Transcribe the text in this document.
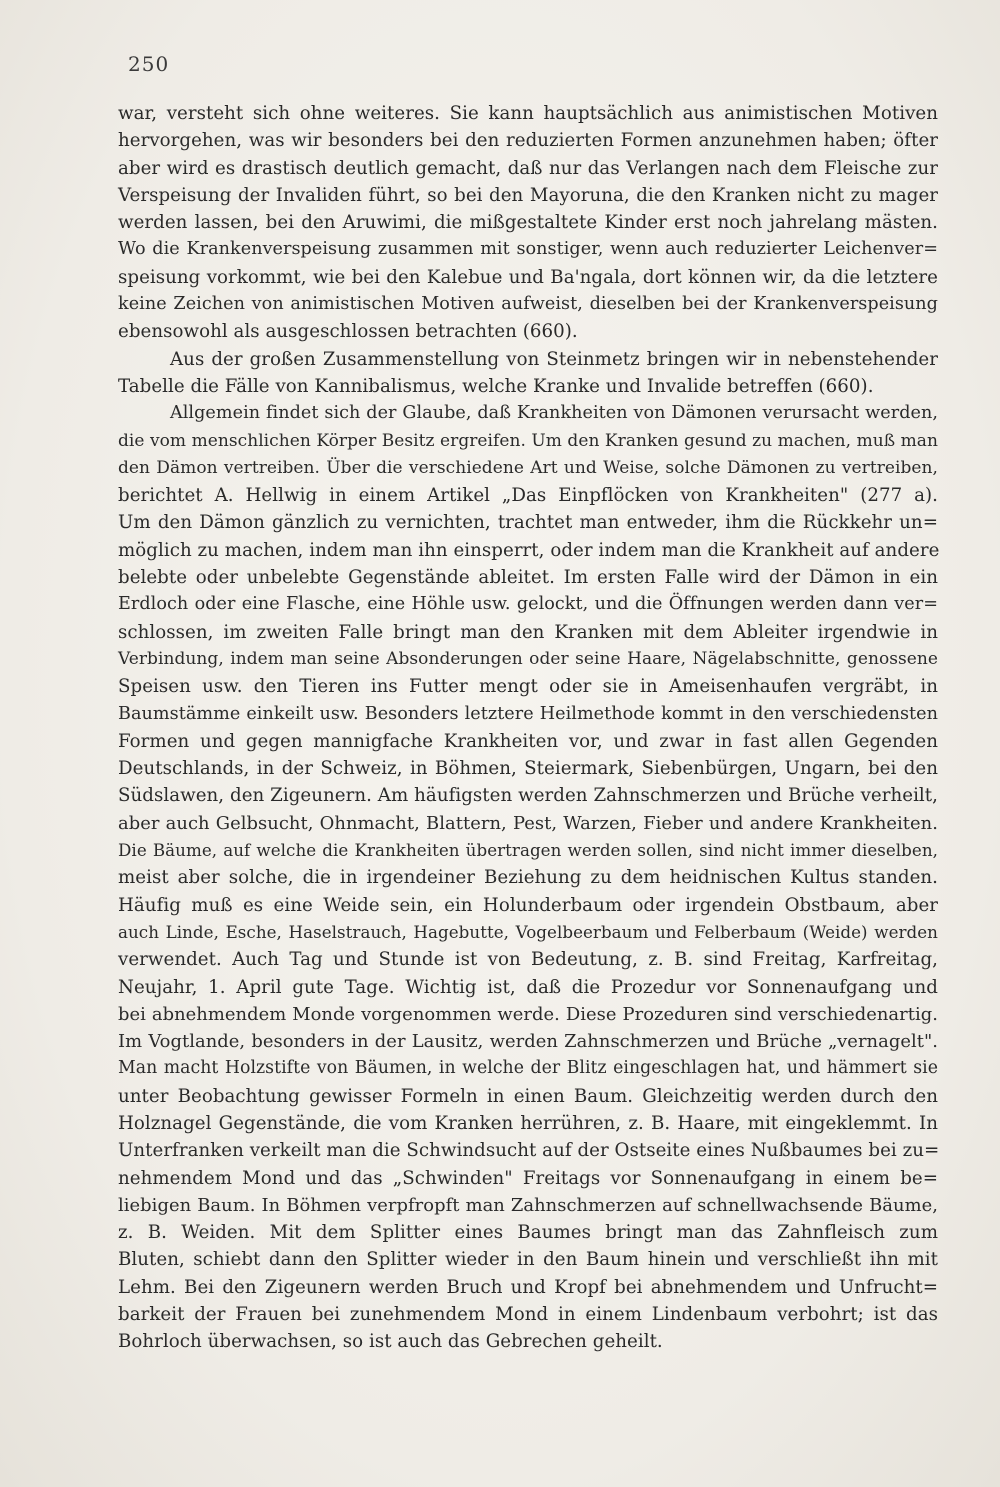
250
war, versteht sich ohne weiteres. Sie kann hauptsächlich aus animistischen Motiven
hervorgehen, was wir besonders bei den reduzierten Formen anzunehmen haben; öfter
aber wird es drastisch deutlich gemacht, daß nur das Verlangen nach dem Fleische zur
Verspeisung der Invaliden führt, so bei den Mayoruna, die den Kranken nicht zu mager
werden lassen, bei den Aruwimi, die mißgestaltete Kinder erst noch jahrelang mästen.
Wo die Krankenverspeisung zusammen mit sonstiger, wenn auch reduzierter Leichenver=
speisung vorkommt, wie bei den Kalebue und Ba'ngala, dort können wir, da die letztere
keine Zeichen von animistischen Motiven aufweist, dieselben bei der Krankenverspeisung
ebensowohl als ausgeschlossen betrachten (660).
Aus der großen Zusammenstellung von Steinmetz bringen wir in nebenstehender
Tabelle die Fälle von Kannibalismus, welche Kranke und Invalide betreffen (660).
Allgemein findet sich der Glaube, daß Krankheiten von Dämonen verursacht werden,
die vom menschlichen Körper Besitz ergreifen. Um den Kranken gesund zu machen, muß man
den Dämon vertreiben. Über die verschiedene Art und Weise, solche Dämonen zu vertreiben,
berichtet A. Hellwig in einem Artikel „Das Einpflöcken von Krankheiten" (277 a).
Um den Dämon gänzlich zu vernichten, trachtet man entweder, ihm die Rückkehr un=
möglich zu machen, indem man ihn einsperrt, oder indem man die Krankheit auf andere
belebte oder unbelebte Gegenstände ableitet. Im ersten Falle wird der Dämon in ein
Erdloch oder eine Flasche, eine Höhle usw. gelockt, und die Öffnungen werden dann ver=
schlossen, im zweiten Falle bringt man den Kranken mit dem Ableiter irgendwie in
Verbindung, indem man seine Absonderungen oder seine Haare, Nägelabschnitte, genossene
Speisen usw. den Tieren ins Futter mengt oder sie in Ameisenhaufen vergräbt, in
Baumstämme einkeilt usw. Besonders letztere Heilmethode kommt in den verschiedensten
Formen und gegen mannigfache Krankheiten vor, und zwar in fast allen Gegenden
Deutschlands, in der Schweiz, in Böhmen, Steiermark, Siebenbürgen, Ungarn, bei den
Südslawen, den Zigeunern. Am häufigsten werden Zahnschmerzen und Brüche verheilt,
aber auch Gelbsucht, Ohnmacht, Blattern, Pest, Warzen, Fieber und andere Krankheiten.
Die Bäume, auf welche die Krankheiten übertragen werden sollen, sind nicht immer dieselben,
meist aber solche, die in irgendeiner Beziehung zu dem heidnischen Kultus standen.
Häufig muß es eine Weide sein, ein Holunderbaum oder irgendein Obstbaum, aber
auch Linde, Esche, Haselstrauch, Hagebutte, Vogelbeerbaum und Felberbaum (Weide) werden
verwendet. Auch Tag und Stunde ist von Bedeutung, z. B. sind Freitag, Karfreitag,
Neujahr, 1. April gute Tage. Wichtig ist, daß die Prozedur vor Sonnenaufgang und
bei abnehmendem Monde vorgenommen werde. Diese Prozeduren sind verschiedenartig.
Im Vogtlande, besonders in der Lausitz, werden Zahnschmerzen und Brüche „vernagelt".
Man macht Holzstifte von Bäumen, in welche der Blitz eingeschlagen hat, und hämmert sie
unter Beobachtung gewisser Formeln in einen Baum. Gleichzeitig werden durch den
Holznagel Gegenstände, die vom Kranken herrühren, z. B. Haare, mit eingeklemmt. In
Unterfranken verkeilt man die Schwindsucht auf der Ostseite eines Nußbaumes bei zu=
nehmendem Mond und das „Schwinden" Freitags vor Sonnenaufgang in einem be=
liebigen Baum. In Böhmen verpfropft man Zahnschmerzen auf schnellwachsende Bäume,
z. B. Weiden. Mit dem Splitter eines Baumes bringt man das Zahnfleisch zum
Bluten, schiebt dann den Splitter wieder in den Baum hinein und verschließt ihn mit
Lehm. Bei den Zigeunern werden Bruch und Kropf bei abnehmendem und Unfrucht=
barkeit der Frauen bei zunehmendem Mond in einem Lindenbaum verbohrt; ist das
Bohrloch überwachsen, so ist auch das Gebrechen geheilt.
